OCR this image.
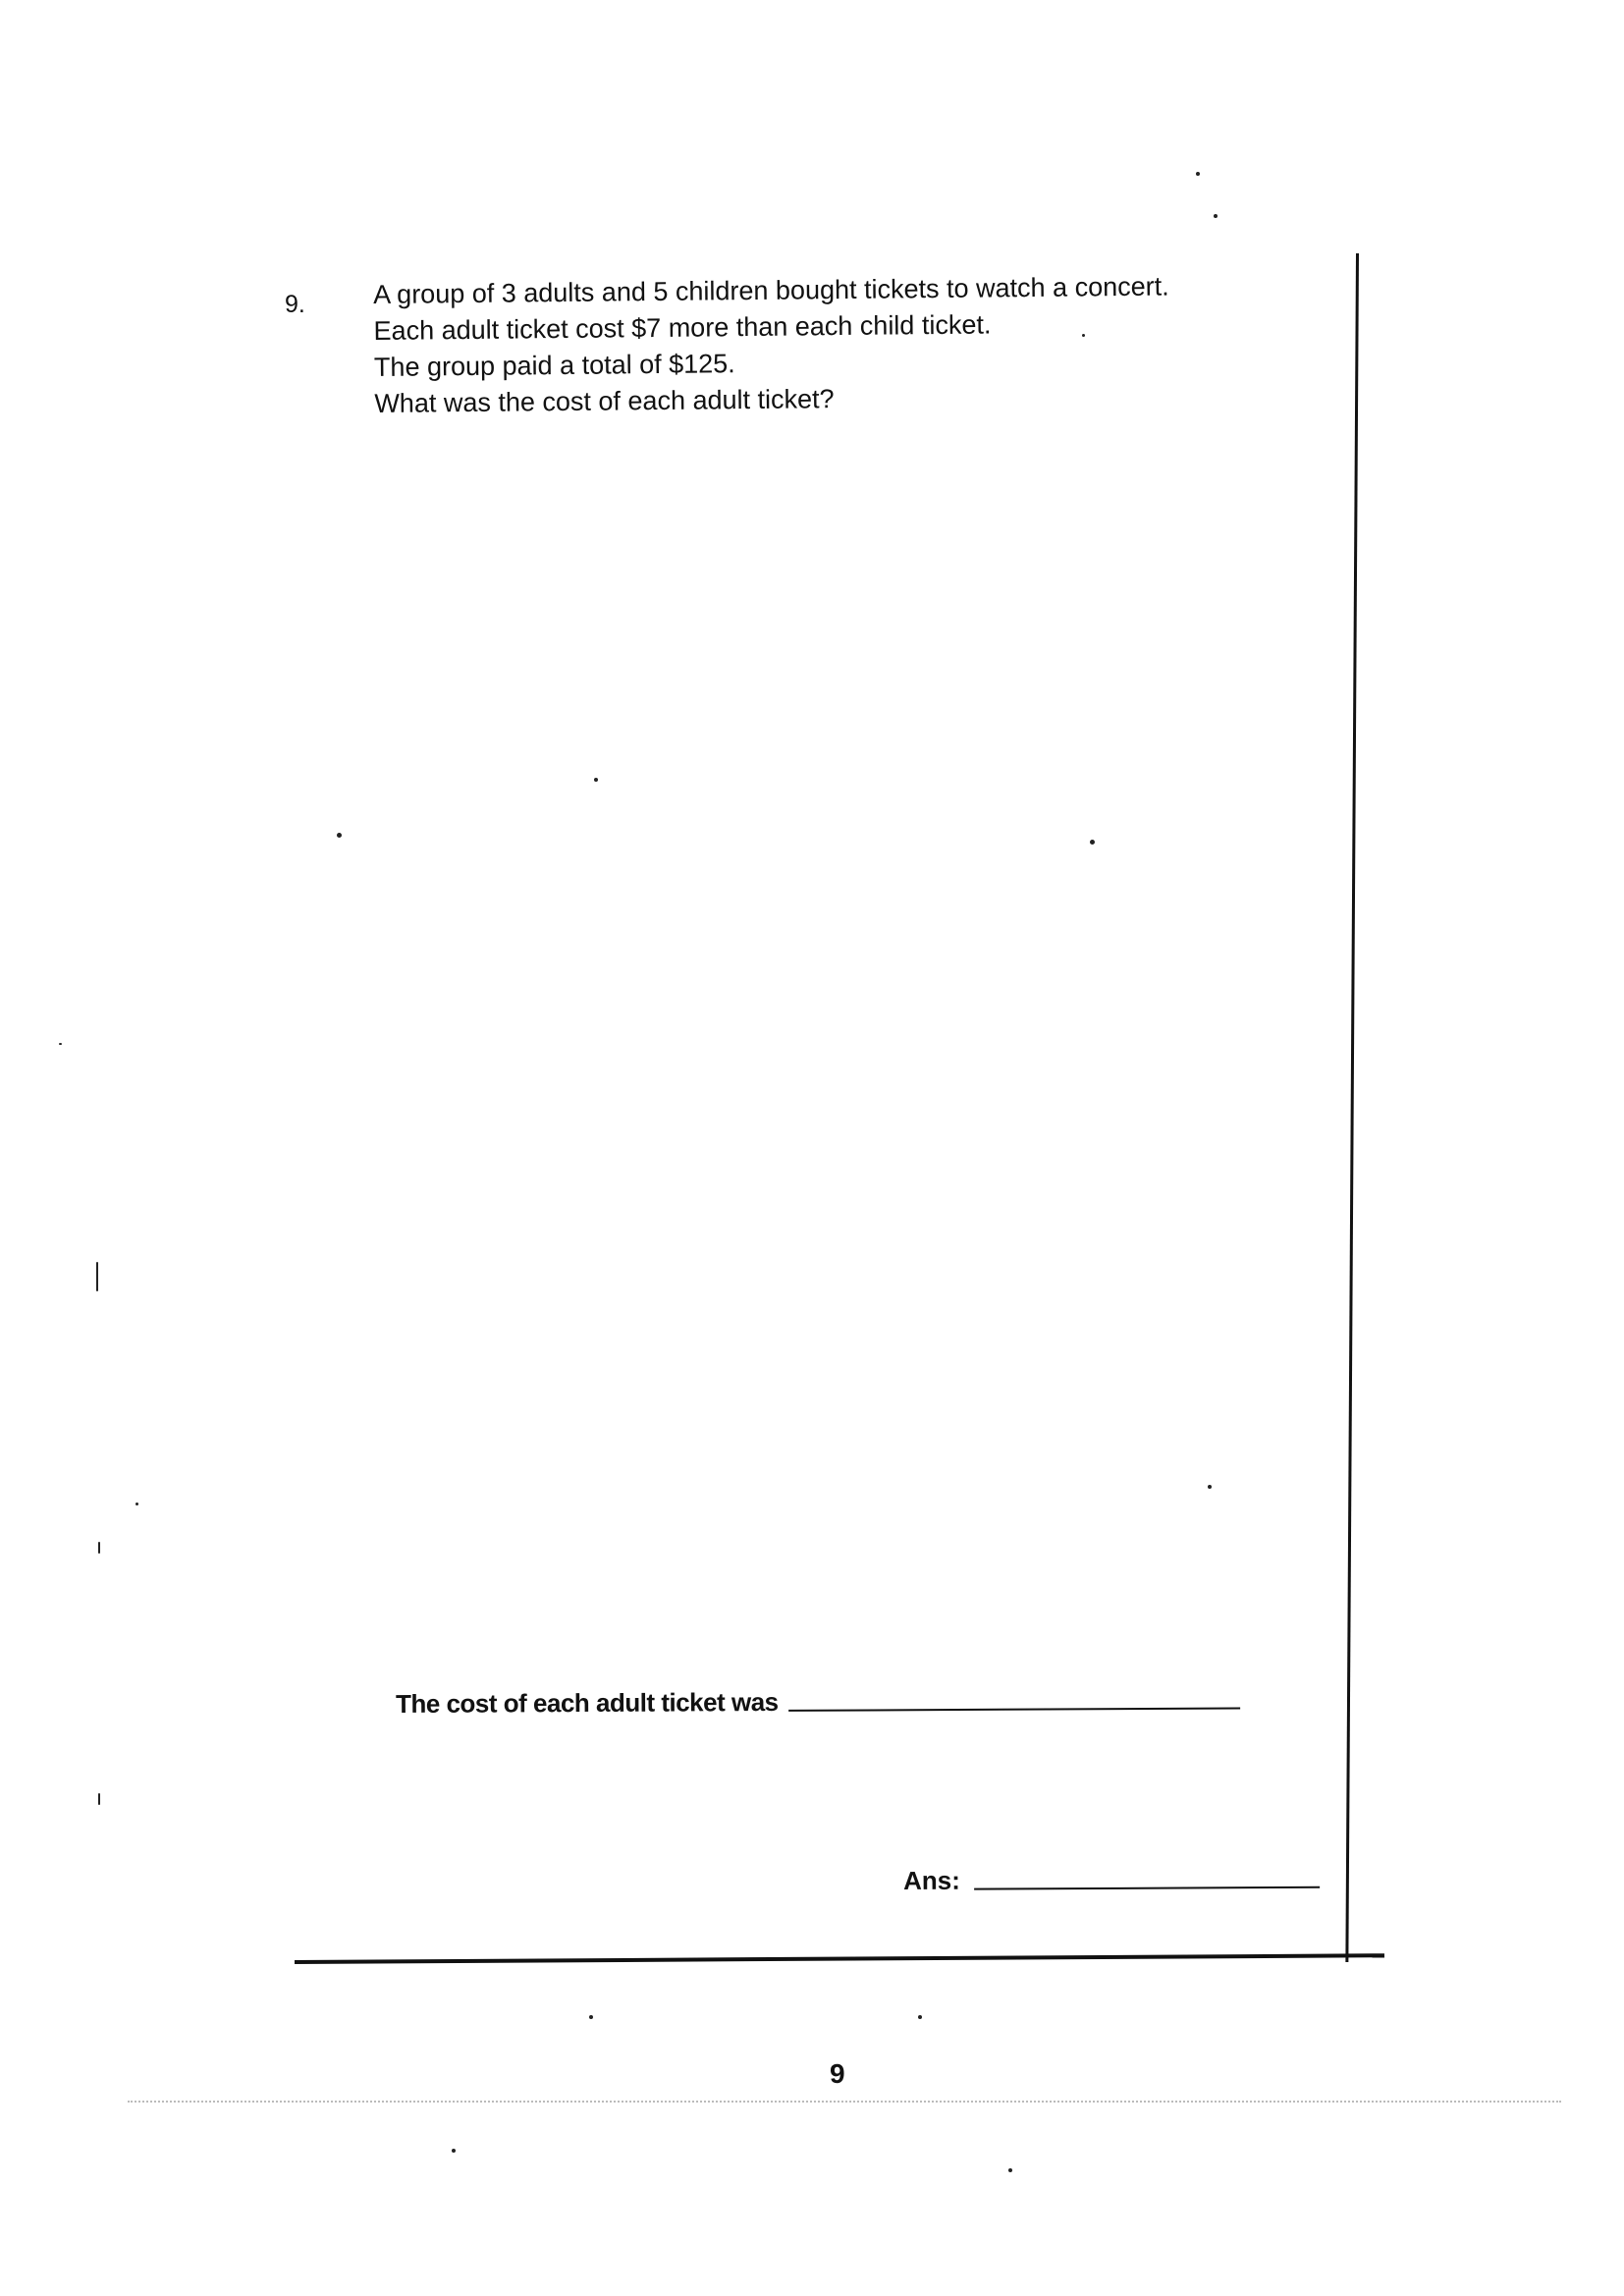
9.	A group of 3 adults and 5 children bought tickets to watch a concert.
Each adult ticket cost $7 more than each child ticket.
The group paid a total of $125.
What was the cost of each adult ticket?
The cost of each adult ticket was
Ans:
9
